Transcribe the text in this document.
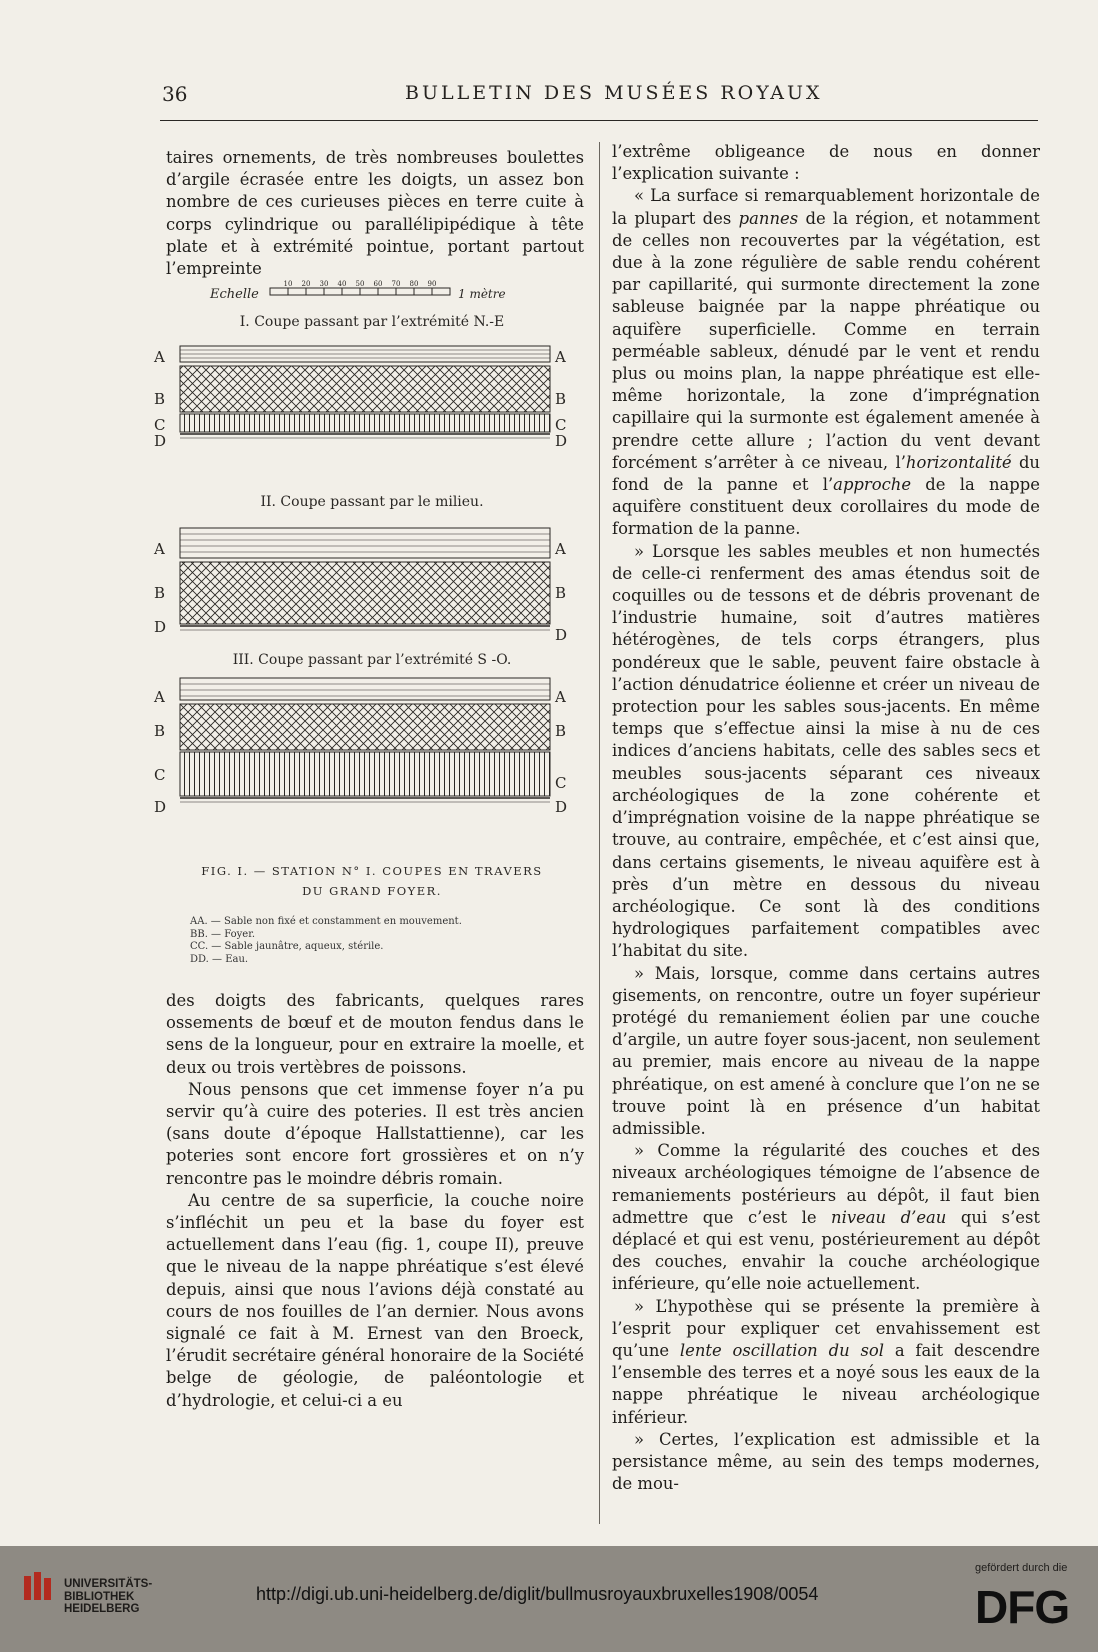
36	BULLETIN DES MUSÉES ROYAUX

taires ornements, de très nombreuses boulettes d’argile écrasée entre les doigts, un assez bon nombre de ces curieuses pièces en terre cuite à corps cylindrique ou parallélipipédique à tête plate et à extrémité pointue, portant partout l’empreinte

Echelle
10 20 30 40 50 60 70 80 90
1 mètre
A	A
B	B
C	C
D	D
A	A
B	B
D	D
A	A
B	B
C	C
D	D
I. Coupe passant par l’extrémité N.-E
II. Coupe passant par le milieu.
III. Coupe passant par l’extrémité S -O.
FIG. I. — STATION N° I. COUPES EN TRAVERS
DU GRAND FOYER.
AA. — Sable non fixé et constamment en mouvement.
BB. — Foyer.
CC. — Sable jaunâtre, aqueux, stérile.
DD. — Eau.

des doigts des fabricants, quelques rares ossements de bœuf et de mouton fendus dans le sens de la longueur, pour en extraire la moelle, et deux ou trois vertèbres de poissons.

Nous pensons que cet immense foyer n’a pu servir qu’à cuire des poteries. Il est très ancien (sans doute d’époque Hallstattienne), car les poteries sont encore fort grossières et on n’y rencontre pas le moindre débris romain.

Au centre de sa superficie, la couche noire s’infléchit un peu et la base du foyer est actuellement dans l’eau (fig. 1, coupe II), preuve que le niveau de la nappe phréatique s’est élevé depuis, ainsi que nous l’avions déjà constaté au cours de nos fouilles de l’an dernier. Nous avons signalé ce fait à M. Ernest van den Broeck, l’érudit secrétaire général honoraire de la Société belge de géologie, de paléontologie et d’hydrologie, et celui-ci a eu

l’extrême obligeance de nous en donner l’explication suivante :

« La surface si remarquablement horizontale de la plupart des pannes de la région, et notamment de celles non recouvertes par la végétation, est due à la zone régulière de sable rendu cohérent par capillarité, qui surmonte directement la zone sableuse baignée par la nappe phréatique ou aquifère superficielle. Comme en terrain perméable sableux, dénudé par le vent et rendu plus ou moins plan, la nappe phréatique est elle-même horizontale, la zone d’imprégnation capillaire qui la surmonte est également amenée à prendre cette allure ; l’action du vent devant forcément s’arrêter à ce niveau, l’horizontalité du fond de la panne et l’approche de la nappe aquifère constituent deux corollaires du mode de formation de la panne.

» Lorsque les sables meubles et non humectés de celle-ci renferment des amas étendus soit de coquilles ou de tessons et de débris provenant de l’industrie humaine, soit d’autres matières hétérogènes, de tels corps étrangers, plus pondéreux que le sable, peuvent faire obstacle à l’action dénudatrice éolienne et créer un niveau de protection pour les sables sous-jacents. En même temps que s’effectue ainsi la mise à nu de ces indices d’anciens habitats, celle des sables secs et meubles sous-jacents séparant ces niveaux archéologiques de la zone cohérente et d’imprégnation voisine de la nappe phréatique se trouve, au contraire, empêchée, et c’est ainsi que, dans certains gisements, le niveau aquifère est à près d’un mètre en dessous du niveau archéologique. Ce sont là des conditions hydrologiques parfaitement compatibles avec l’habitat du site.

» Mais, lorsque, comme dans certains autres gisements, on rencontre, outre un foyer supérieur protégé du remaniement éolien par une couche d’argile, un autre foyer sous-jacent, non seulement au premier, mais encore au niveau de la nappe phréatique, on est amené à conclure que l’on ne se trouve point là en présence d’un habitat admissible.

» Comme la régularité des couches et des niveaux archéologiques témoigne de l’absence de remaniements postérieurs au dépôt, il faut bien admettre que c’est le niveau d’eau qui s’est déplacé et qui est venu, postérieurement au dépôt des couches, envahir la couche archéologique inférieure, qu’elle noie actuellement.

» L’hypothèse qui se présente la première à l’esprit pour expliquer cet envahissement est qu’une lente oscillation du sol a fait descendre l’ensemble des terres et a noyé sous les eaux de la nappe phréatique le niveau archéologique inférieur.

» Certes, l’explication est admissible et la persistance même, au sein des temps modernes, de mou-

UNIVERSITÄTS-
BIBLIOTHEK
HEIDELBERG
http://digi.ub.uni-heidelberg.de/diglit/bullmusroyauxbruxelles1908/0054
gefördert durch die
DFG
